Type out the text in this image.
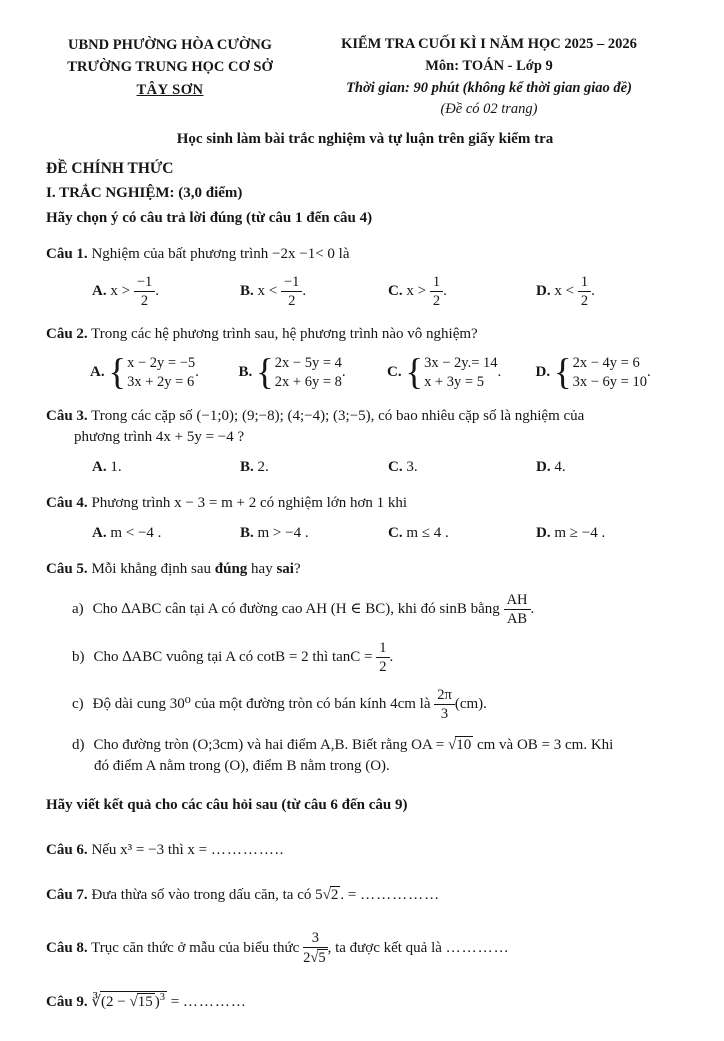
UBND PHƯỜNG HÒA CƯỜNG
TRƯỜNG TRUNG HỌC CƠ SỞ
TÂY SƠN
KIỂM TRA CUỐI KÌ I NĂM HỌC 2025 – 2026
Môn: TOÁN - Lớp 9
Thời gian: 90 phút (không kể thời gian giao đề)
(Đề có 02 trang)
Học sinh làm bài trắc nghiệm và tự luận trên giấy kiểm tra
ĐỀ CHÍNH THỨC
I. TRẮC NGHIỆM: (3,0 điểm)
Hãy chọn ý có câu trả lời đúng (từ câu 1 đến câu 4)

Câu 1. Nghiệm của bất phương trình −2x −1< 0 là

A. $x > \frac{-1}{2}$ .	B. $x < \frac{-1}{2}$ .	C. $x > \frac{1}{2}$ .	D. $x < \frac{1}{2}$ .

Câu 2. Trong các hệ phương trình sau, hệ phương trình nào vô nghiệm?

A. { x − 2y = −5
3x + 2y = 6
.	B. { 2x − 5y = 4
2x + 6y = 8
.	C. { 3x − 2y.= 14
x + 3y = 5
.	D. { 2x − 4y = 6
3x − 6y = 10
.

Câu 3. Trong các cặp số (−1;0); (9;−8); (4;−4); (3;−5), có bao nhiêu cặp số là nghiệm của
phương trình 4x + 5y = −4 ?

A. 1.	B. 2.	C. 3.	D. 4.

Câu 4. Phương trình x − 3 = m + 2 có nghiệm lớn hơn 1 khi

A. m < −4 .	B. m > −4 .	C. m ≤ 4 .	D. m ≥ −4 .

Câu 5. Mỗi khẳng định sau đúng hay sai?

a) Cho ∆ABC cân tại A có đường cao AH (H ∈ BC), khi đó sinB bằng $\frac{AH}{AB}$ .
b) Cho ∆ABC vuông tại A có cotB = 2 thì $\tan C = \frac{1}{2}$ .
c) Độ dài cung 30⁰ của một đường tròn có bán kính 4cm là $\frac{2\pi}{3} (cm)$.
d) Cho đường tròn (O;3cm) và hai điểm A,B. Biết rằng OA = √10 cm và OB = 3 cm. Khi
đó điểm A nằm trong (O), điểm B nằm trong (O).
Hãy viết kết quả cho các câu hỏi sau (từ câu 6 đến câu 9)

Câu 6. Nếu x³ = −3 thì x = …………..

Câu 7. Đưa thừa số vào trong dấu căn, ta có 5√2 . = ……………

Câu 8. Trục căn thức ở mẫu của biểu thức $\frac{3}{2√5}$ , ta được kết quả là …………

Câu 9. ∛(2 − √15 )$^3$ = …………
